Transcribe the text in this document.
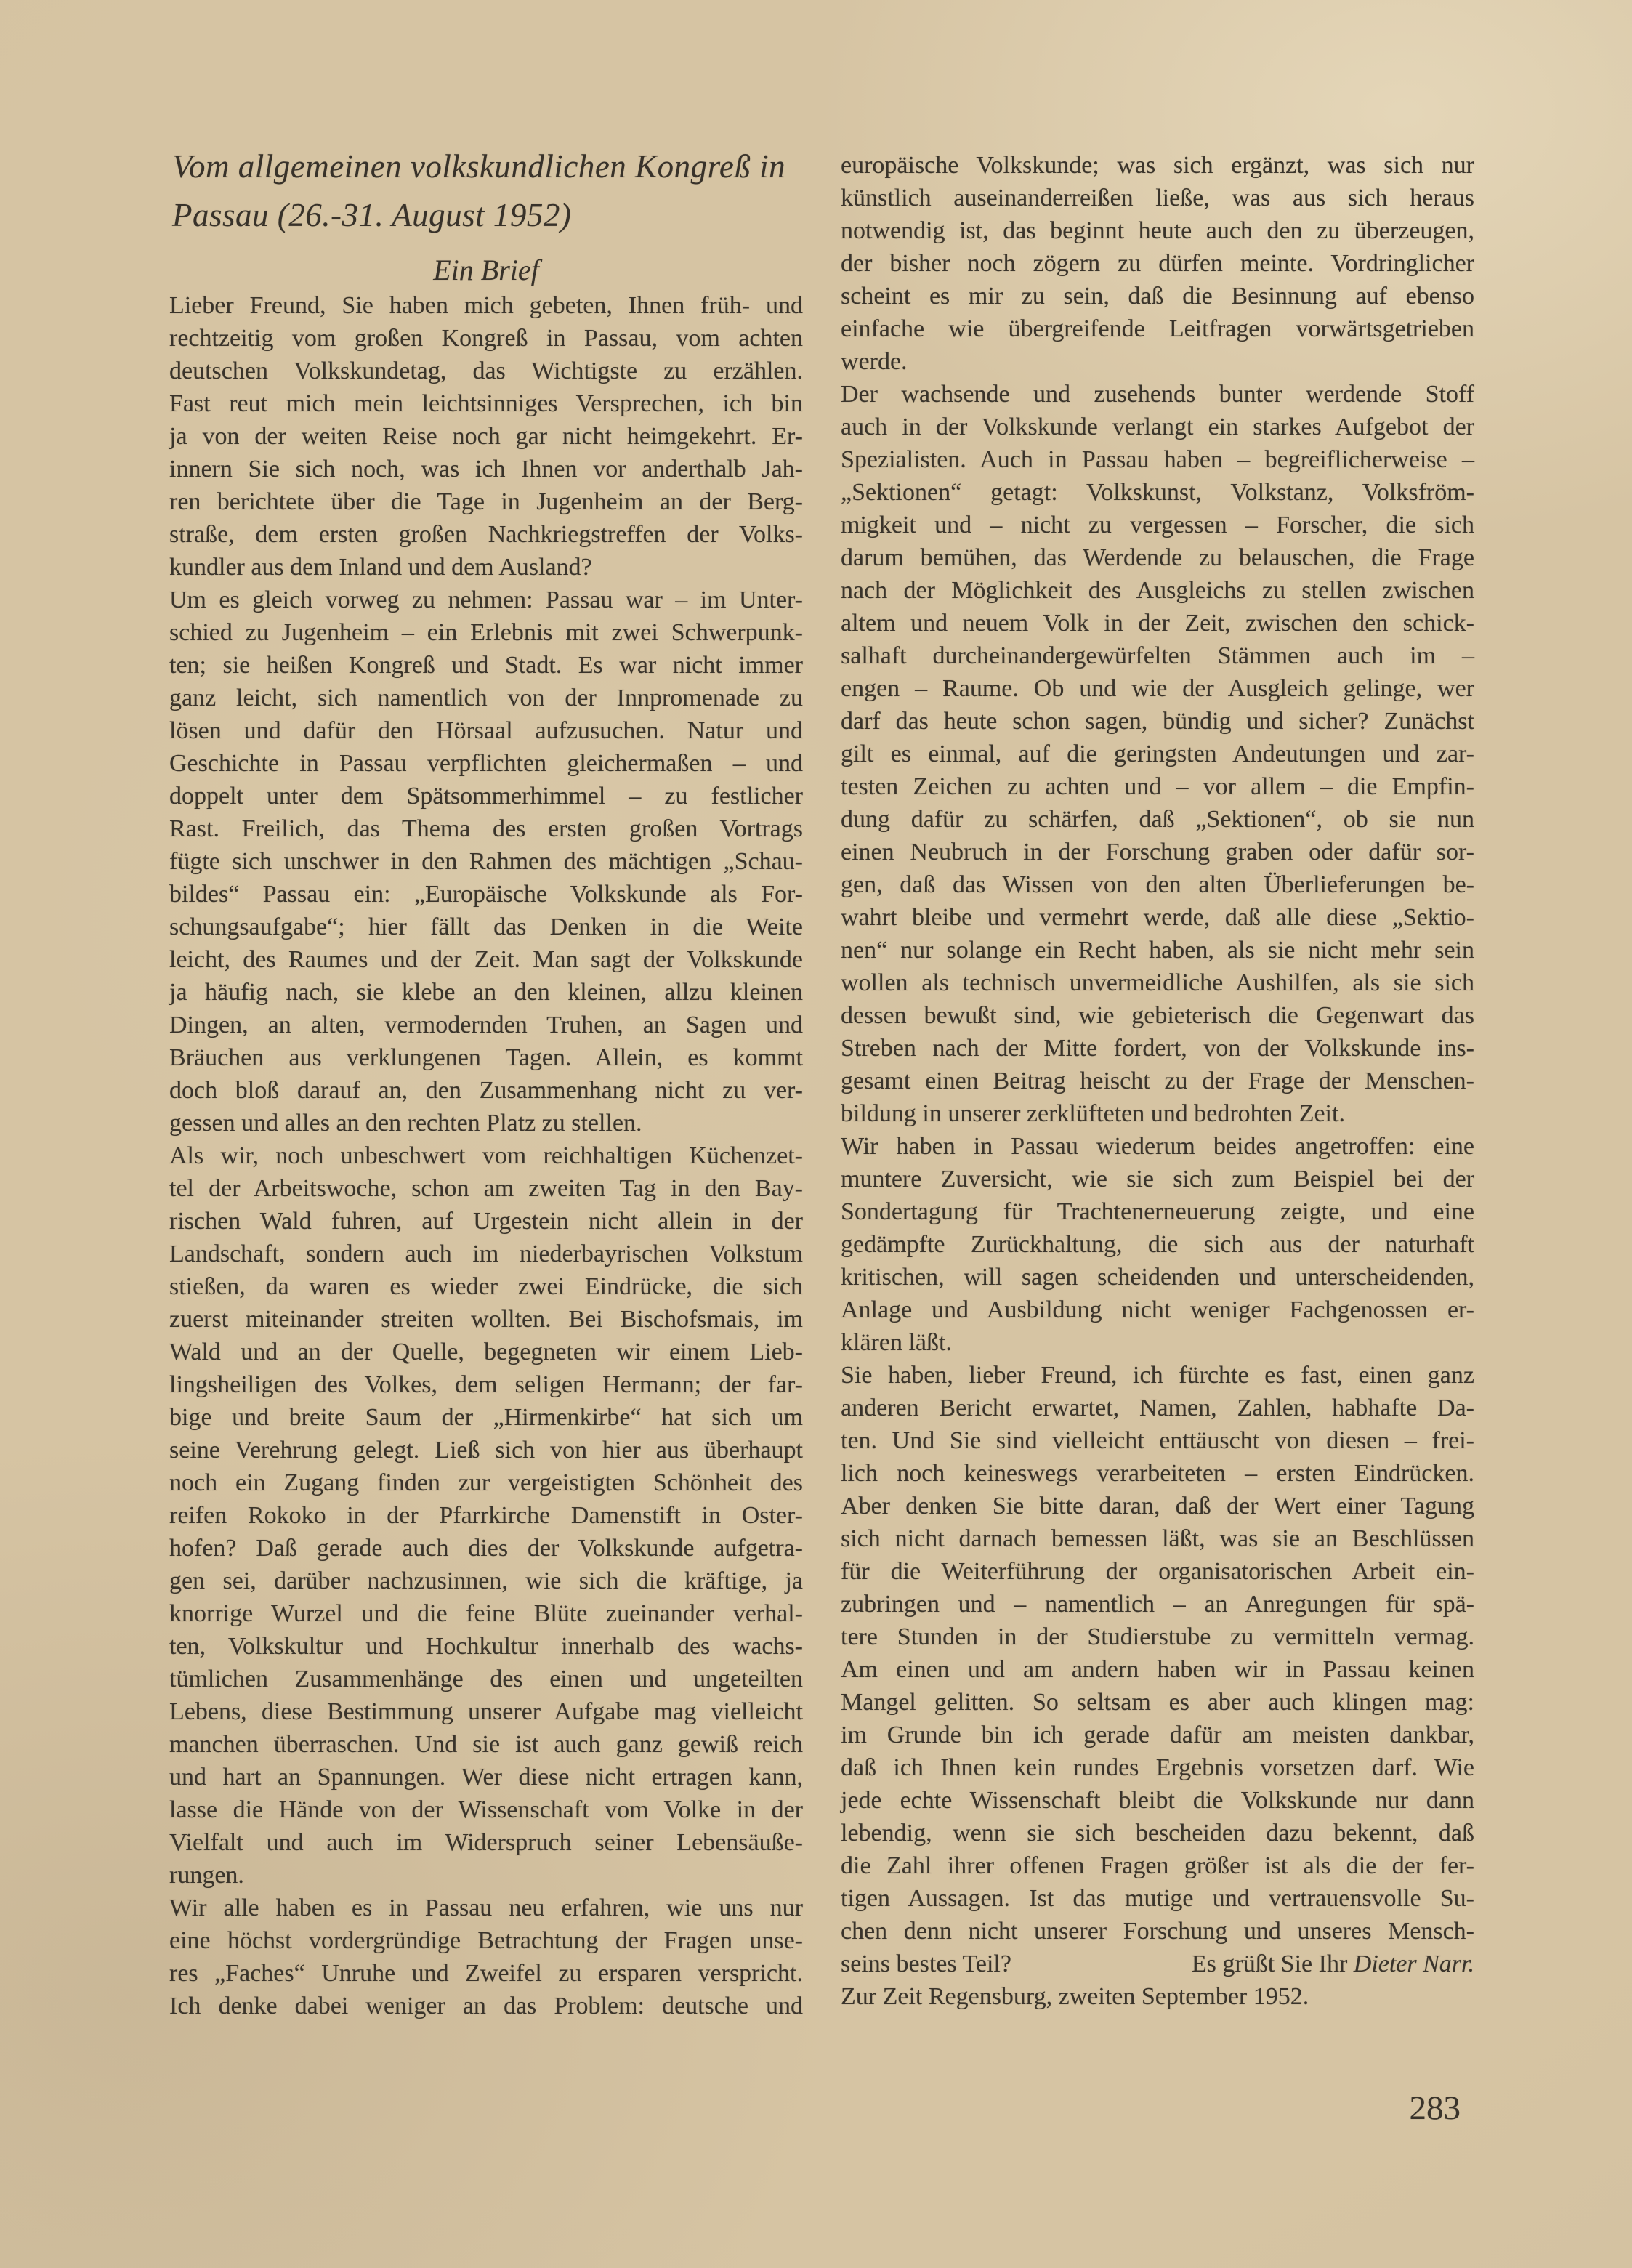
Vom allgemeinen volkskundlichen Kongreß in
Passau (26.-31. August 1952)
Ein Brief
Lieber Freund, Sie haben mich gebeten, Ihnen früh- und
rechtzeitig vom großen Kongreß in Passau, vom achten
deutschen Volkskundetag, das Wichtigste zu erzählen.
Fast reut mich mein leichtsinniges Versprechen, ich bin
ja von der weiten Reise noch gar nicht heimgekehrt. Er-
innern Sie sich noch, was ich Ihnen vor anderthalb Jah-
ren berichtete über die Tage in Jugenheim an der Berg-
straße, dem ersten großen Nachkriegstreffen der Volks-
kundler aus dem Inland und dem Ausland?
Um es gleich vorweg zu nehmen: Passau war – im Unter-
schied zu Jugenheim – ein Erlebnis mit zwei Schwerpunk-
ten; sie heißen Kongreß und Stadt. Es war nicht immer
ganz leicht, sich namentlich von der Innpromenade zu
lösen und dafür den Hörsaal aufzusuchen. Natur und
Geschichte in Passau verpflichten gleichermaßen – und
doppelt unter dem Spätsommerhimmel – zu festlicher
Rast. Freilich, das Thema des ersten großen Vortrags
fügte sich unschwer in den Rahmen des mächtigen „Schau-
bildes“ Passau ein: „Europäische Volkskunde als For-
schungsaufgabe“; hier fällt das Denken in die Weite
leicht, des Raumes und der Zeit. Man sagt der Volkskunde
ja häufig nach, sie klebe an den kleinen, allzu kleinen
Dingen, an alten, vermodernden Truhen, an Sagen und
Bräuchen aus verklungenen Tagen. Allein, es kommt
doch bloß darauf an, den Zusammenhang nicht zu ver-
gessen und alles an den rechten Platz zu stellen.
Als wir, noch unbeschwert vom reichhaltigen Küchenzet-
tel der Arbeitswoche, schon am zweiten Tag in den Bay-
rischen Wald fuhren, auf Urgestein nicht allein in der
Landschaft, sondern auch im niederbayrischen Volkstum
stießen, da waren es wieder zwei Eindrücke, die sich
zuerst miteinander streiten wollten. Bei Bischofsmais, im
Wald und an der Quelle, begegneten wir einem Lieb-
lingsheiligen des Volkes, dem seligen Hermann; der far-
bige und breite Saum der „Hirmenkirbe“ hat sich um
seine Verehrung gelegt. Ließ sich von hier aus überhaupt
noch ein Zugang finden zur vergeistigten Schönheit des
reifen Rokoko in der Pfarrkirche Damenstift in Oster-
hofen? Daß gerade auch dies der Volkskunde aufgetra-
gen sei, darüber nachzusinnen, wie sich die kräftige, ja
knorrige Wurzel und die feine Blüte zueinander verhal-
ten, Volkskultur und Hochkultur innerhalb des wachs-
tümlichen Zusammenhänge des einen und ungeteilten
Lebens, diese Bestimmung unserer Aufgabe mag vielleicht
manchen überraschen. Und sie ist auch ganz gewiß reich
und hart an Spannungen. Wer diese nicht ertragen kann,
lasse die Hände von der Wissenschaft vom Volke in der
Vielfalt und auch im Widerspruch seiner Lebensäuße-
rungen.
Wir alle haben es in Passau neu erfahren, wie uns nur
eine höchst vordergründige Betrachtung der Fragen unse-
res „Faches“ Unruhe und Zweifel zu ersparen verspricht.
Ich denke dabei weniger an das Problem: deutsche und
europäische Volkskunde; was sich ergänzt, was sich nur
künstlich auseinanderreißen ließe, was aus sich heraus
notwendig ist, das beginnt heute auch den zu überzeugen,
der bisher noch zögern zu dürfen meinte. Vordringlicher
scheint es mir zu sein, daß die Besinnung auf ebenso
einfache wie übergreifende Leitfragen vorwärtsgetrieben
werde.
Der wachsende und zusehends bunter werdende Stoff
auch in der Volkskunde verlangt ein starkes Aufgebot der
Spezialisten. Auch in Passau haben – begreiflicherweise –
„Sektionen“ getagt: Volkskunst, Volkstanz, Volksfröm-
migkeit und – nicht zu vergessen – Forscher, die sich
darum bemühen, das Werdende zu belauschen, die Frage
nach der Möglichkeit des Ausgleichs zu stellen zwischen
altem und neuem Volk in der Zeit, zwischen den schick-
salhaft durcheinandergewürfelten Stämmen auch im –
engen – Raume. Ob und wie der Ausgleich gelinge, wer
darf das heute schon sagen, bündig und sicher? Zunächst
gilt es einmal, auf die geringsten Andeutungen und zar-
testen Zeichen zu achten und – vor allem – die Empfin-
dung dafür zu schärfen, daß „Sektionen“, ob sie nun
einen Neubruch in der Forschung graben oder dafür sor-
gen, daß das Wissen von den alten Überlieferungen be-
wahrt bleibe und vermehrt werde, daß alle diese „Sektio-
nen“ nur solange ein Recht haben, als sie nicht mehr sein
wollen als technisch unvermeidliche Aushilfen, als sie sich
dessen bewußt sind, wie gebieterisch die Gegenwart das
Streben nach der Mitte fordert, von der Volkskunde ins-
gesamt einen Beitrag heischt zu der Frage der Menschen-
bildung in unserer zerklüfteten und bedrohten Zeit.
Wir haben in Passau wiederum beides angetroffen: eine
muntere Zuversicht, wie sie sich zum Beispiel bei der
Sondertagung für Trachtenerneuerung zeigte, und eine
gedämpfte Zurückhaltung, die sich aus der naturhaft
kritischen, will sagen scheidenden und unterscheidenden,
Anlage und Ausbildung nicht weniger Fachgenossen er-
klären läßt.
Sie haben, lieber Freund, ich fürchte es fast, einen ganz
anderen Bericht erwartet, Namen, Zahlen, habhafte Da-
ten. Und Sie sind vielleicht enttäuscht von diesen – frei-
lich noch keineswegs verarbeiteten – ersten Eindrücken.
Aber denken Sie bitte daran, daß der Wert einer Tagung
sich nicht darnach bemessen läßt, was sie an Beschlüssen
für die Weiterführung der organisatorischen Arbeit ein-
zubringen und – namentlich – an Anregungen für spä-
tere Stunden in der Studierstube zu vermitteln vermag.
Am einen und am andern haben wir in Passau keinen
Mangel gelitten. So seltsam es aber auch klingen mag:
im Grunde bin ich gerade dafür am meisten dankbar,
daß ich Ihnen kein rundes Ergebnis vorsetzen darf. Wie
jede echte Wissenschaft bleibt die Volkskunde nur dann
lebendig, wenn sie sich bescheiden dazu bekennt, daß
die Zahl ihrer offenen Fragen größer ist als die der fer-
tigen Aussagen. Ist das mutige und vertrauensvolle Su-
chen denn nicht unserer Forschung und unseres Mensch-
seins bestes Teil?	Es grüßt Sie Ihr Dieter Narr.
Zur Zeit Regensburg, zweiten September 1952.
283
